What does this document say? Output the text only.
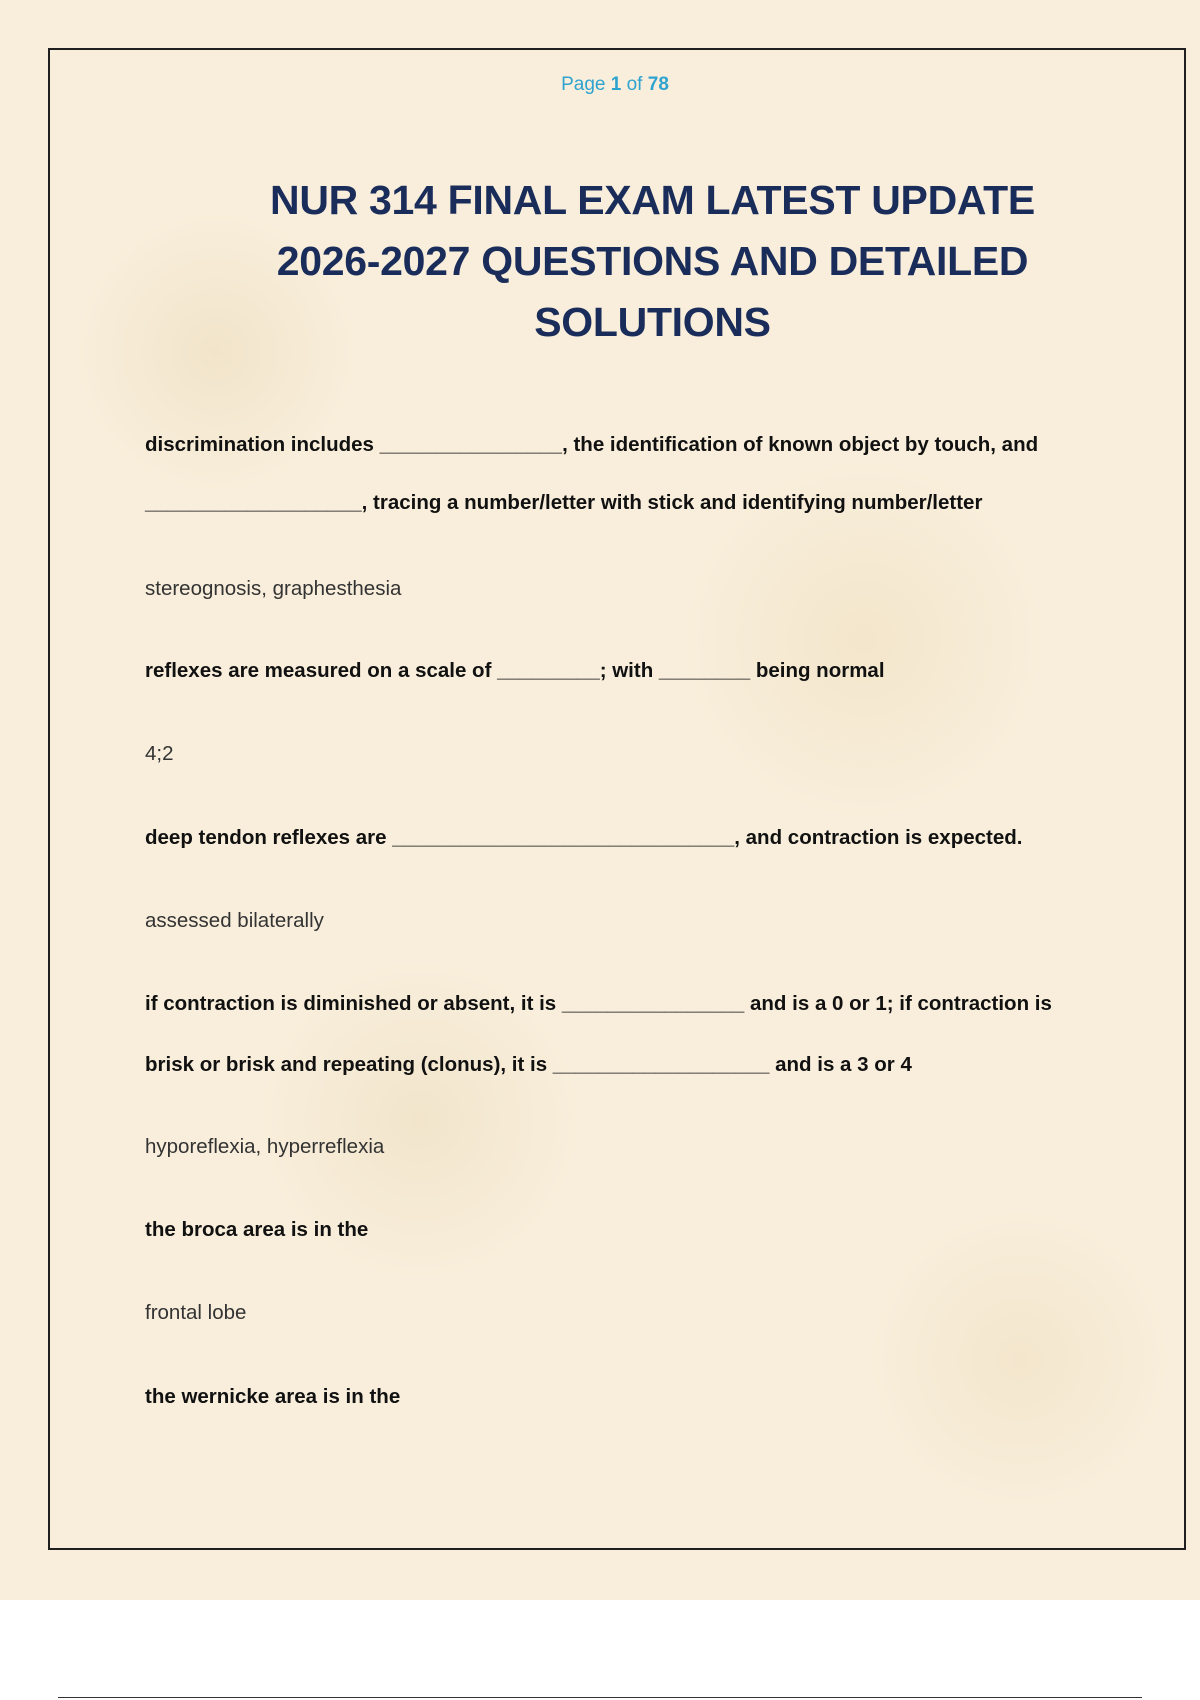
Page 1 of 78
NUR 314 FINAL EXAM LATEST UPDATE 2026-2027 QUESTIONS AND DETAILED SOLUTIONS

discrimination includes ________________, the identification of known object by touch, and

___________________, tracing a number/letter with stick and identifying number/letter

stereognosis, graphesthesia

reflexes are measured on a scale of _________; with ________ being normal

4;2

deep tendon reflexes are ______________________________, and contraction is expected.

assessed bilaterally

if contraction is diminished or absent, it is ________________ and is a 0 or 1; if contraction is

brisk or brisk and repeating (clonus), it is ___________________ and is a 3 or 4

hyporeflexia, hyperreflexia

the broca area is in the

frontal lobe

the wernicke area is in the
